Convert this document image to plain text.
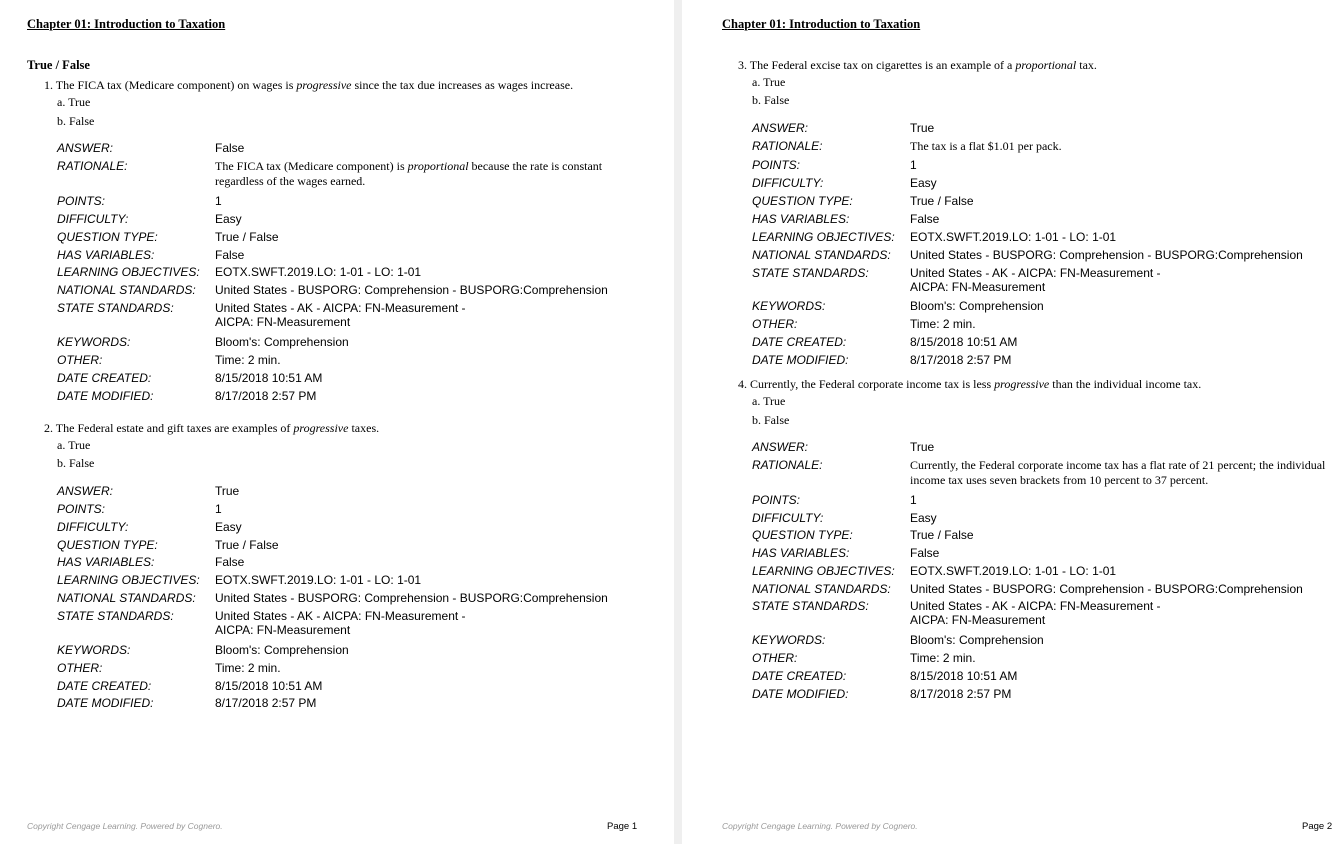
Chapter 01: Introduction to Taxation
True / False
1. The FICA tax (Medicare component) on wages is progressive since the tax due increases as wages increase.
a. True
b. False
ANSWER:	False
RATIONALE:	The FICA tax (Medicare component) is proportional because the rate is constant regardless of the wages earned.
POINTS:	1
DIFFICULTY:	Easy
QUESTION TYPE:	True / False
HAS VARIABLES:	False
LEARNING OBJECTIVES: EOTX.SWFT.2019.LO: 1-01 - LO: 1-01
NATIONAL STANDARDS: United States - BUSPORG: Comprehension - BUSPORG:Comprehension
STATE STANDARDS:	United States - AK - AICPA: FN-Measurement - AICPA: FN-Measurement
KEYWORDS:	Bloom's: Comprehension
OTHER:	Time: 2 min.
DATE CREATED:	8/15/2018 10:51 AM
DATE MODIFIED:	8/17/2018 2:57 PM
2. The Federal estate and gift taxes are examples of progressive taxes.
a. True
b. False
ANSWER:	True
POINTS:	1
DIFFICULTY:	Easy
QUESTION TYPE:	True / False
HAS VARIABLES:	False
LEARNING OBJECTIVES: EOTX.SWFT.2019.LO: 1-01 - LO: 1-01
NATIONAL STANDARDS: United States - BUSPORG: Comprehension - BUSPORG:Comprehension
STATE STANDARDS:	United States - AK - AICPA: FN-Measurement - AICPA: FN-Measurement
KEYWORDS:	Bloom's: Comprehension
OTHER:	Time: 2 min.
DATE CREATED:	8/15/2018 10:51 AM
DATE MODIFIED:	8/17/2018 2:57 PM
Copyright Cengage Learning. Powered by Cognero.	Page 1
Chapter 01: Introduction to Taxation
3. The Federal excise tax on cigarettes is an example of a proportional tax.
a. True
b. False
ANSWER:	True
RATIONALE:	The tax is a flat $1.01 per pack.
POINTS:	1
DIFFICULTY:	Easy
QUESTION TYPE:	True / False
HAS VARIABLES:	False
LEARNING OBJECTIVES: EOTX.SWFT.2019.LO: 1-01 - LO: 1-01
NATIONAL STANDARDS: United States - BUSPORG: Comprehension - BUSPORG:Comprehension
STATE STANDARDS:	United States - AK - AICPA: FN-Measurement - AICPA: FN-Measurement
KEYWORDS:	Bloom's: Comprehension
OTHER:	Time: 2 min.
DATE CREATED:	8/15/2018 10:51 AM
DATE MODIFIED:	8/17/2018 2:57 PM
4. Currently, the Federal corporate income tax is less progressive than the individual income tax.
a. True
b. False
ANSWER:	True
RATIONALE:	Currently, the Federal corporate income tax has a flat rate of 21 percent; the individual income tax uses seven brackets from 10 percent to 37 percent.
POINTS:	1
DIFFICULTY:	Easy
QUESTION TYPE:	True / False
HAS VARIABLES:	False
LEARNING OBJECTIVES: EOTX.SWFT.2019.LO: 1-01 - LO: 1-01
NATIONAL STANDARDS: United States - BUSPORG: Comprehension - BUSPORG:Comprehension
STATE STANDARDS:	United States - AK - AICPA: FN-Measurement - AICPA: FN-Measurement
KEYWORDS:	Bloom's: Comprehension
OTHER:	Time: 2 min.
DATE CREATED:	8/15/2018 10:51 AM
DATE MODIFIED:	8/17/2018 2:57 PM
Copyright Cengage Learning. Powered by Cognero.	Page 2
